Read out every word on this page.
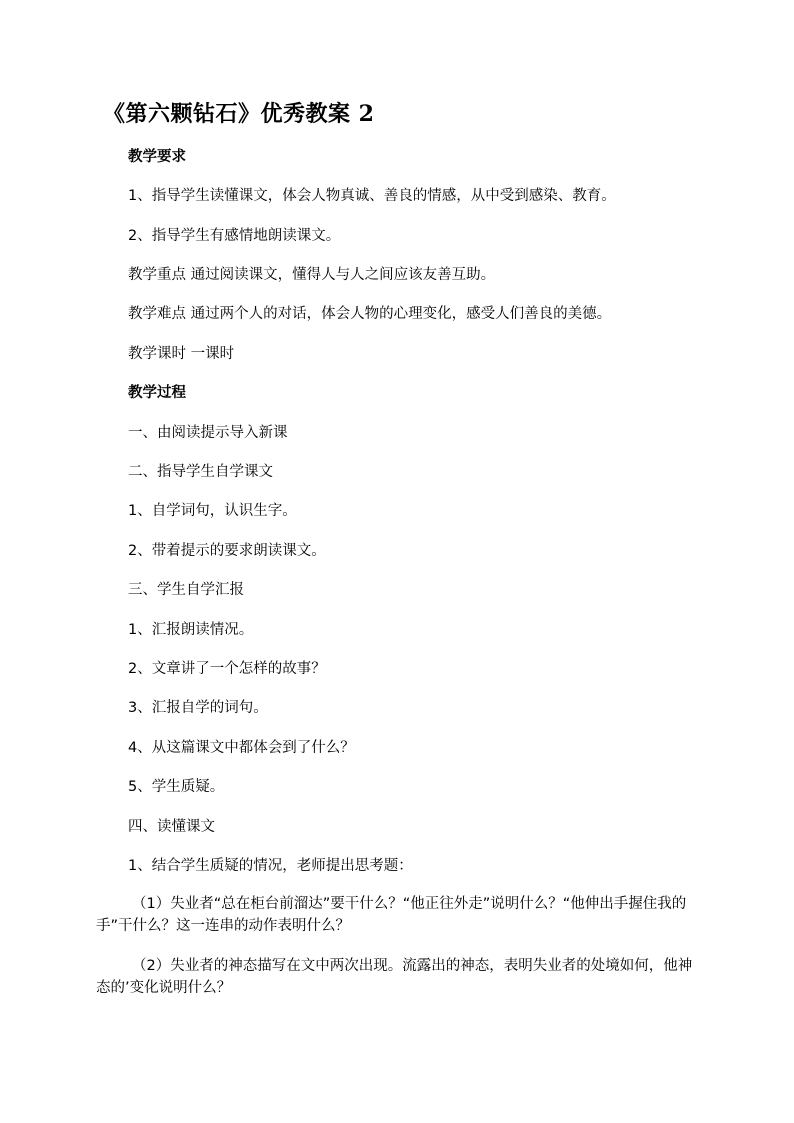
《第六颗钻石》优秀教案 2
教学要求
1、指导学生读懂课文，体会人物真诚、善良的情感，从中受到感染、教育。
2、指导学生有感情地朗读课文。
教学重点 通过阅读课文，懂得人与人之间应该友善互助。
教学难点 通过两个人的对话，体会人物的心理变化，感受人们善良的美德。
教学课时 一课时
教学过程
一、由阅读提示导入新课
二、指导学生自学课文
1、自学词句，认识生字。
2、带着提示的要求朗读课文。
三、学生自学汇报
1、汇报朗读情况。
2、文章讲了一个怎样的故事？
3、汇报自学的词句。
4、从这篇课文中都体会到了什么？
5、学生质疑。
四、读懂课文
1、结合学生质疑的情况，老师提出思考题：
（1）失业者“总在柜台前溜达”要干什么？“他正往外走”说明什么？“他伸出手握住我的手”干什么？这一连串的动作表明什么？
（2）失业者的神态描写在文中两次出现。流露出的神态，表明失业者的处境如何，他神态的’变化说明什么？
